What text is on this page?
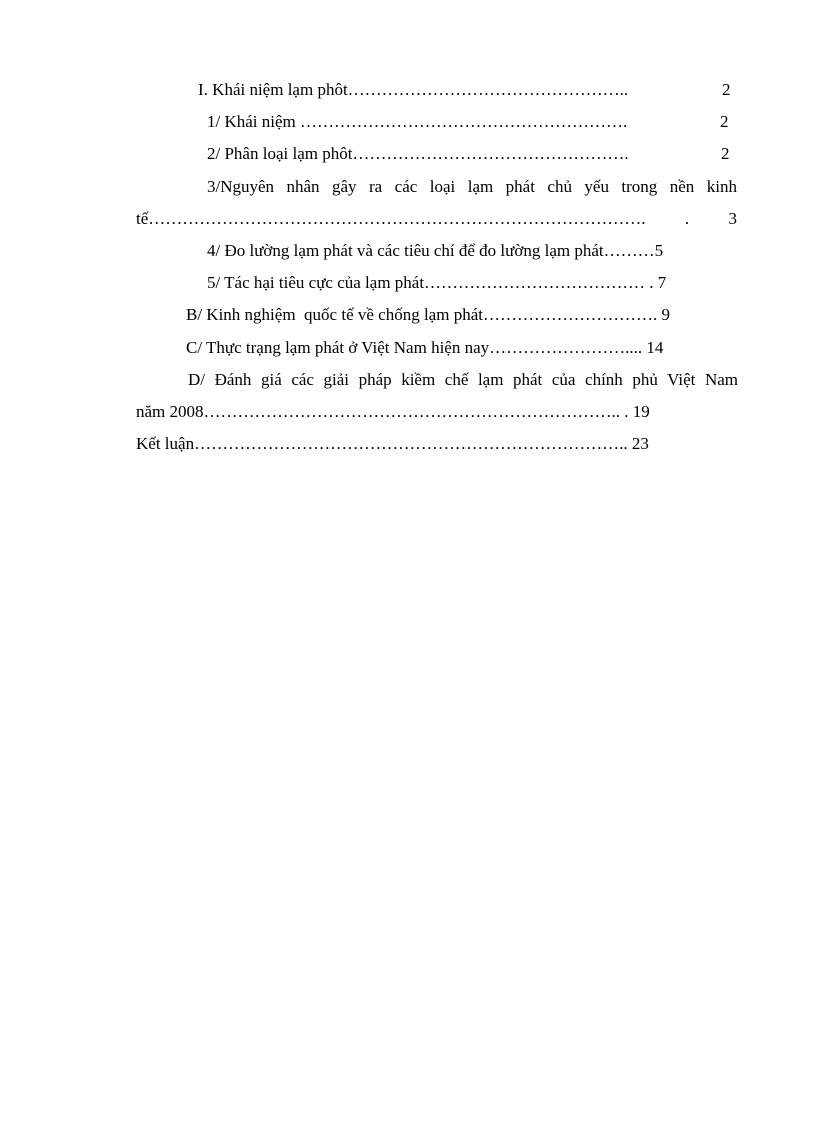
I. Khái niệm lạm phôt…………………………………………..	2
1/ Khái niệm ………………………………………………….	2
2/ Phân loại lạm phôt………………………………………….	2
3/Nguyên nhân gây ra các loại lạm phát chủ yếu trong nền kinh
tế……………………………………………………………………………. . 3
4/ Đo lường lạm phát và các tiêu chí để đo lường lạm phát………5
5/ Tác hại tiêu cực của lạm phát………………………………… . 7
B/ Kinh nghiệm  quốc tế về chống lạm phát…………………………. 9
C/ Thực trạng lạm phát ở Việt Nam hiện nay…………………….... 14
D/ Đánh giá các giải pháp kiềm chế lạm phát của chính phủ Việt Nam
năm 2008……………………………………………………………….. . 19
Kết luận………………………………………………………………….. 23
